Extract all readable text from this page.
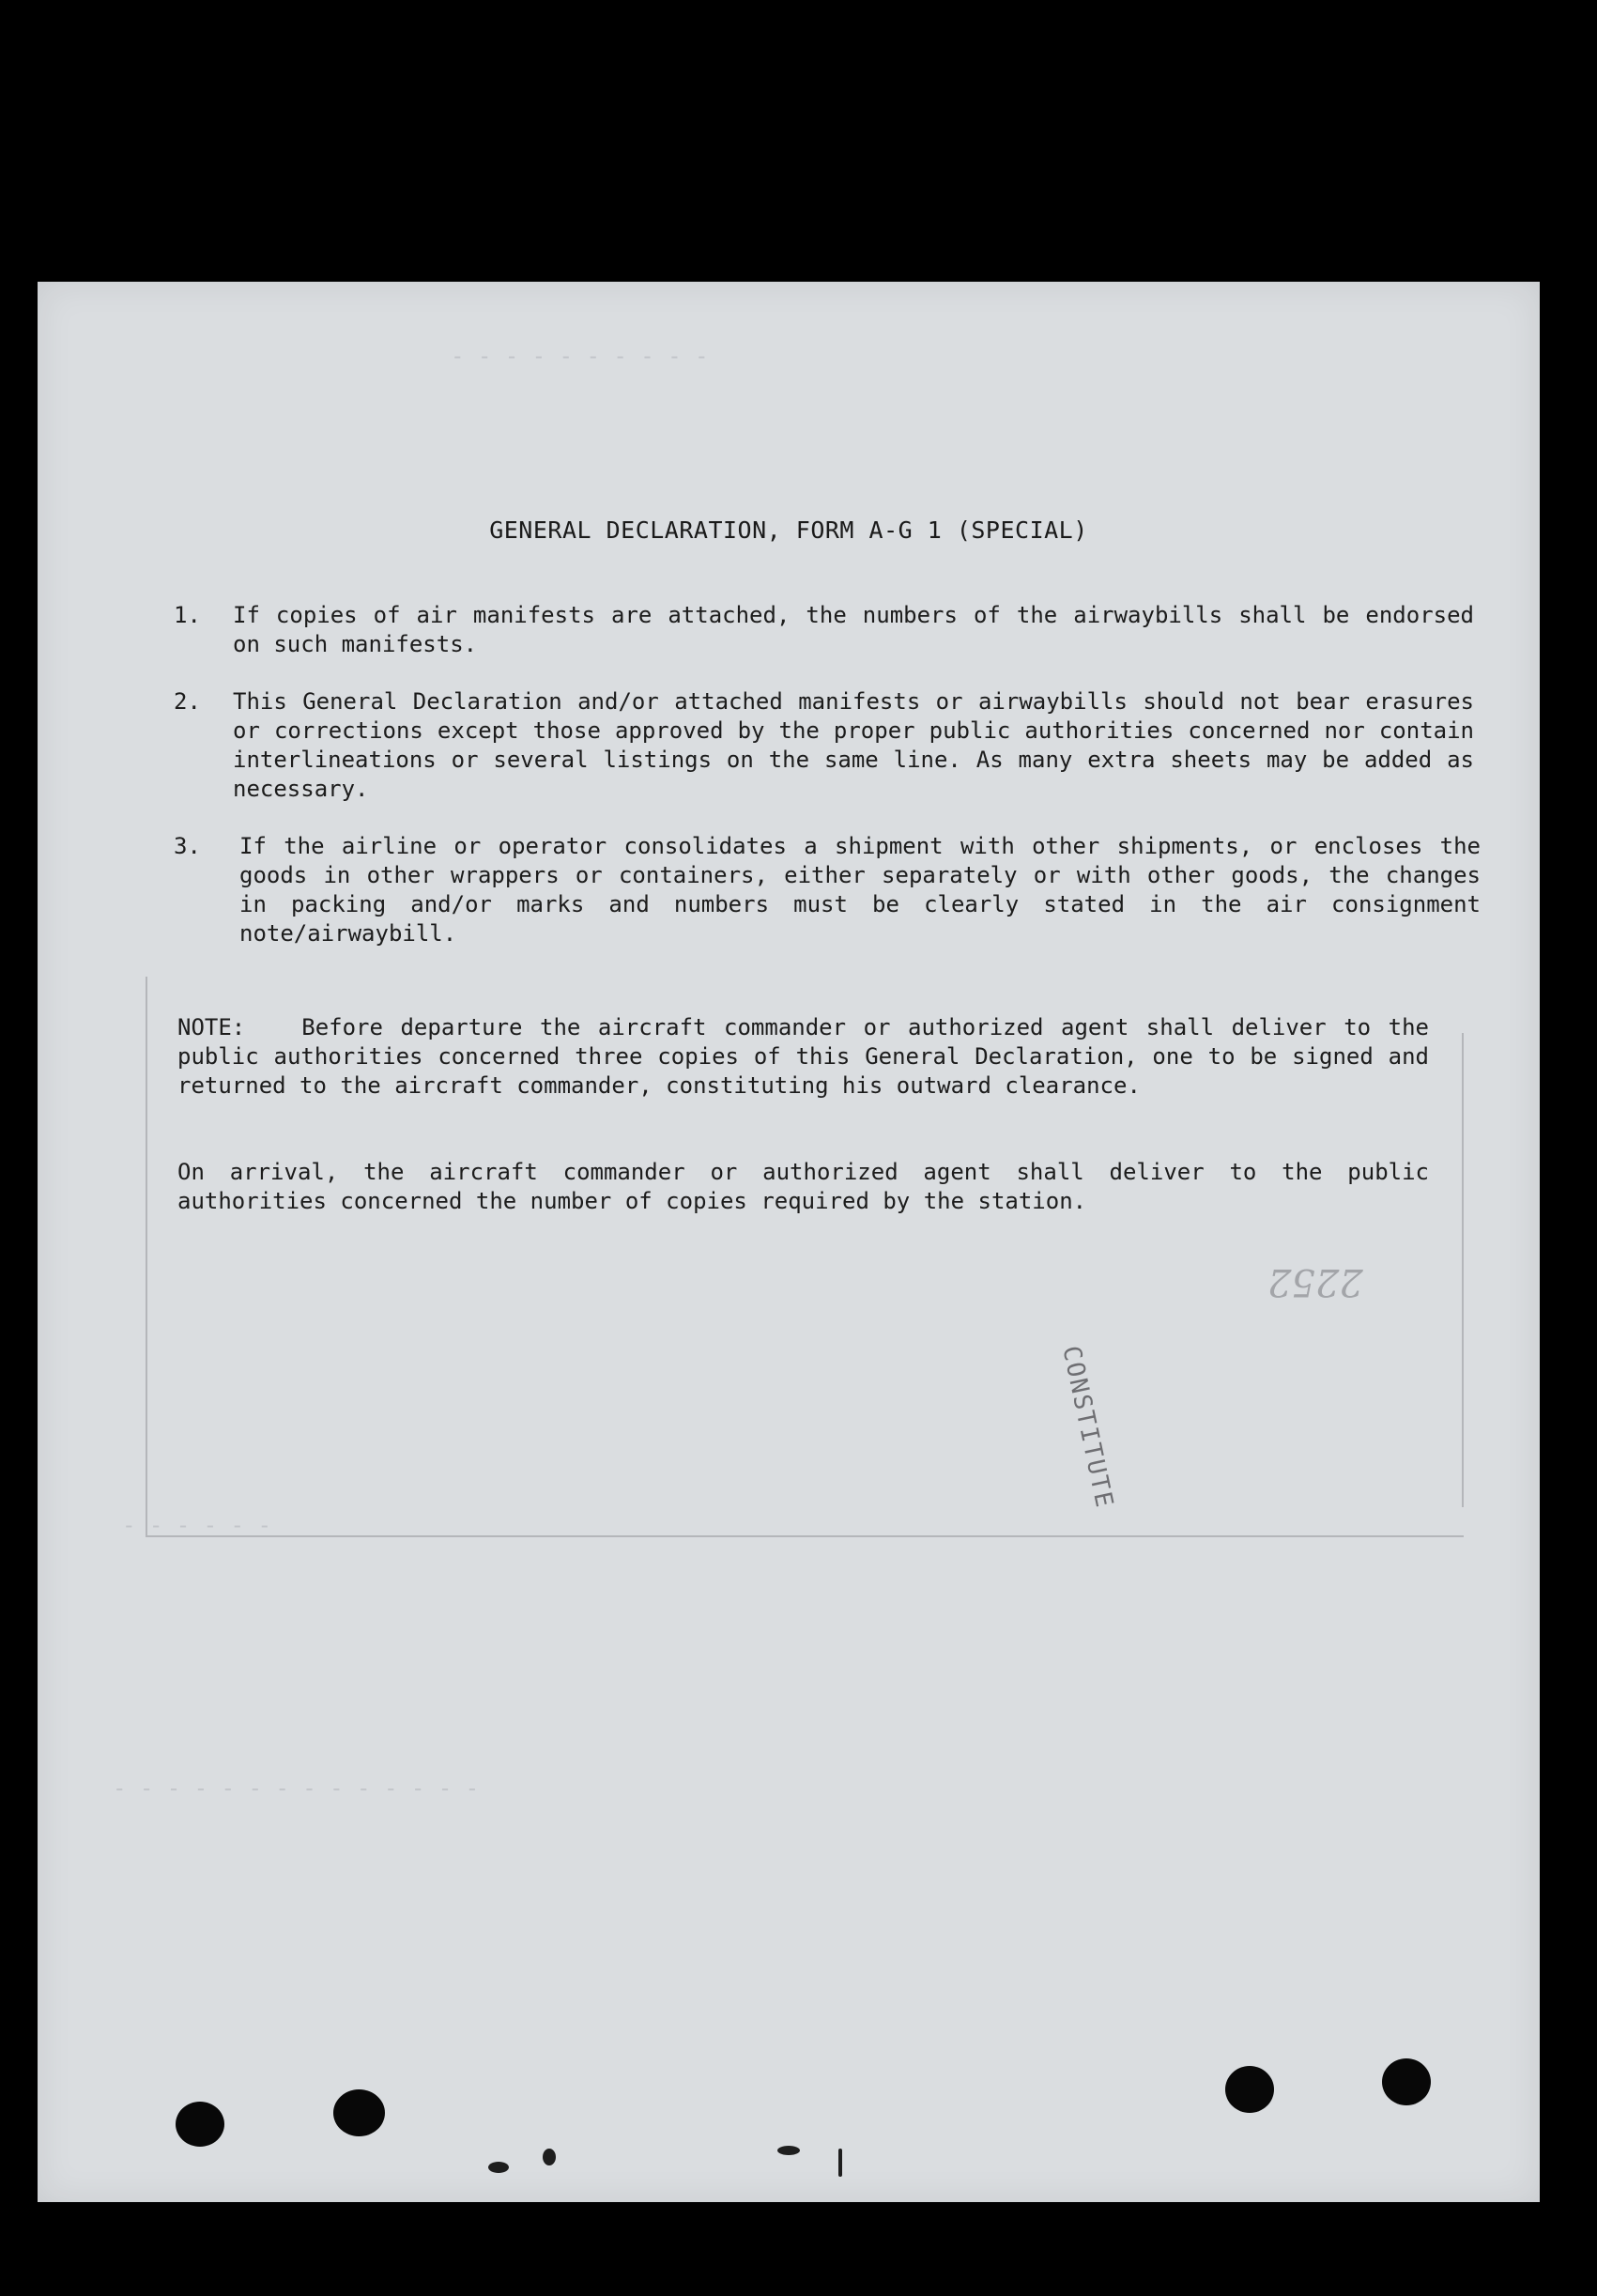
- - - - - - - - - -
- - - - - -
- - - - - - - - - - - - - -
GENERAL DECLARATION, FORM A-G 1 (SPECIAL)
1. If copies of air manifests are attached, the numbers of the airwaybills shall be endorsed on such manifests.
2. This General Declaration and/or attached manifests or airwaybills should not bear erasures or corrections except those approved by the proper public authorities concerned nor contain interlineations or several listings on the same line. As many extra sheets may be added as necessary.
3. If the airline or operator consolidates a shipment with other shipments, or encloses the goods in other wrappers or containers, either separately or with other goods, the changes in packing and/or marks and numbers must be clearly stated in the air consignment note/airwaybill.
NOTE:	Before departure the aircraft commander or authorized agent shall deliver to the public authorities concerned three copies of this General Declaration, one to be signed and returned to the aircraft commander, constituting his outward clearance.
On arrival, the aircraft commander or authorized agent shall deliver to the public authorities concerned the number of copies required by the station.
CONSTITUTE
2252
